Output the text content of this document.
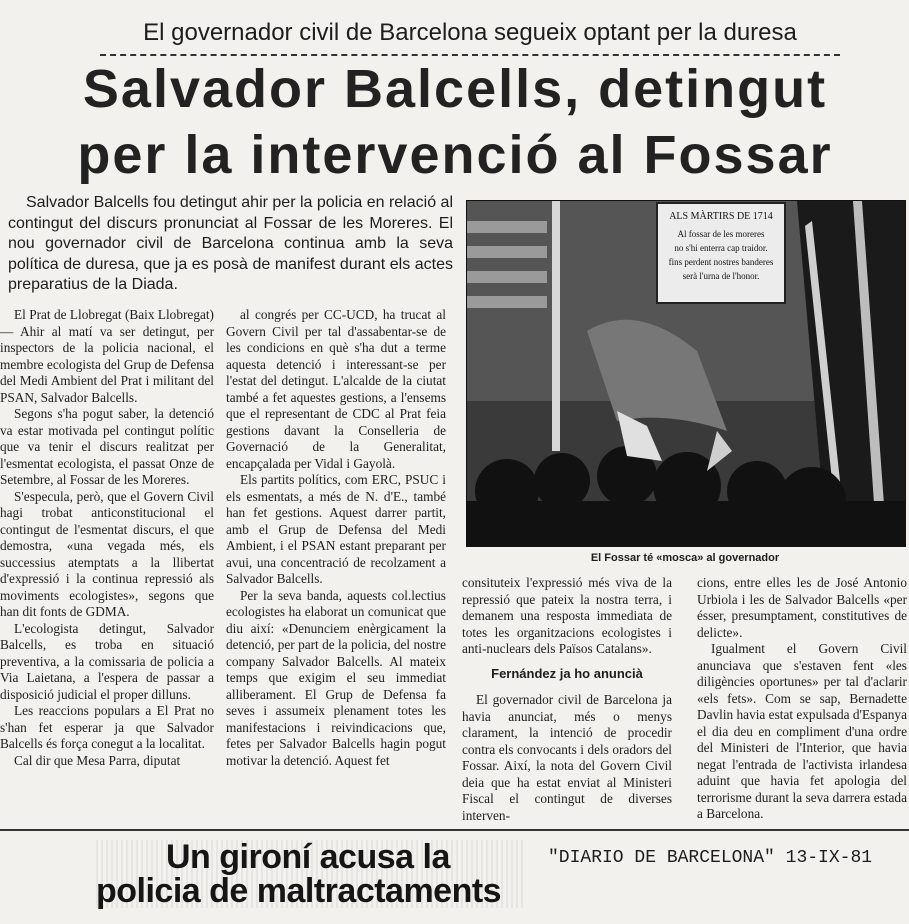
El governador civil de Barcelona segueix optant per la duresa
Salvador Balcells, detingut
per la intervenció al Fossar
Salvador Balcells fou detingut ahir per la policia en relació al contingut del discurs pronunciat al Fossar de les Moreres. El nou governador civil de Barcelona continua amb la seva política de duresa, que ja es posà de manifest durant els actes preparatius de la Diada.

El Prat de Llobregat (Baix Llobregat) — Ahir al matí va ser detingut, per inspectors de la policia nacional, el membre ecologista del Grup de Defensa del Medi Ambient del Prat i militant del PSAN, Salvador Balcells.

Segons s'ha pogut saber, la detenció va estar motivada pel contingut polític que va tenir el discurs realitzat per l'esmentat ecologista, el passat Onze de Setembre, al Fossar de les Moreres.

S'especula, però, que el Govern Civil hagi trobat anticonstitucional el contingut de l'esmentat discurs, el que demostra, «una vegada més, els successius atemptats a la llibertat d'expressió i la continua repressió als moviments ecologistes», segons que han dit fonts de GDMA.

L'ecologista detingut, Salvador Balcells, es troba en situació preventiva, a la comissaria de policia a Via Laietana, a l'espera de passar a disposició judicial el proper dilluns.

Les reaccions populars a El Prat no s'han fet esperar ja que Salvador Balcells és força conegut a la localitat.

Cal dir que Mesa Parra, diputat

al congrés per CC-UCD, ha trucat al Govern Civil per tal d'assabentar-se de les condicions en què s'ha dut a terme aquesta detenció i interessant-se per l'estat del detingut. L'alcalde de la ciutat també a fet aquestes gestions, a l'ensems que el representant de CDC al Prat feia gestions davant la Conselleria de Governació de la Generalitat, encapçalada per Vidal i Gayolà.

Els partits polítics, com ERC, PSUC i els esmentats, a més de N. d'E., també han fet gestions. Aquest darrer partit, amb el Grup de Defensa del Medi Ambient, i el PSAN estant preparant per avui, una concentració de recolzament a Salvador Balcells.

Per la seva banda, aquests col.lectius ecologistes ha elaborat un comunicat que diu així: «Denunciem enèrgicament la detenció, per part de la policia, del nostre company Salvador Balcells. Al mateix temps que exigim el seu immediat alliberament. El Grup de Defensa fa seves i assumeix plenament totes les manifestacions i reivindicacions que, fetes per Salvador Balcells hagin pogut motivar la detenció. Aquest fet

ALS MÀRTIRS DE 1714
Al fossar de les moreres
no s'hi enterra cap traidor.
fins perdent nostres banderes
serà l'urna de l'honor.
El Fossar té «mosca» al governador

consituteix l'expressió més viva de la repressió que pateix la nostra terra, i demanem una resposta immediata de totes les organitzacions ecologistes i anti-nuclears dels Països Catalans».

Fernández ja ho anuncià

El governador civil de Barcelona ja havia anunciat, més o menys clarament, la intenció de procedir contra els convocants i dels oradors del Fossar. Així, la nota del Govern Civil deia que ha estat enviat al Ministeri Fiscal el contingut de diverses interven-

cions, entre elles les de José Antonio Urbiola i les de Salvador Balcells «per ésser, presumptament, constitutives de delicte».

Igualment el Govern Civil anunciava que s'estaven fent «les diligències oportunes» per tal d'aclarir «els fets». Com se sap, Bernadette Davlin havia estat expulsada d'Espanya el dia deu en compliment d'una ordre del Ministeri de l'Interior, que havia negat l'entrada de l'activista irlandesa aduint que havia fet apologia del terrorisme durant la seva darrera estada a Barcelona.

Un gironí acusa la
policia de maltractaments
"DIARIO DE BARCELONA" 13-IX-81
